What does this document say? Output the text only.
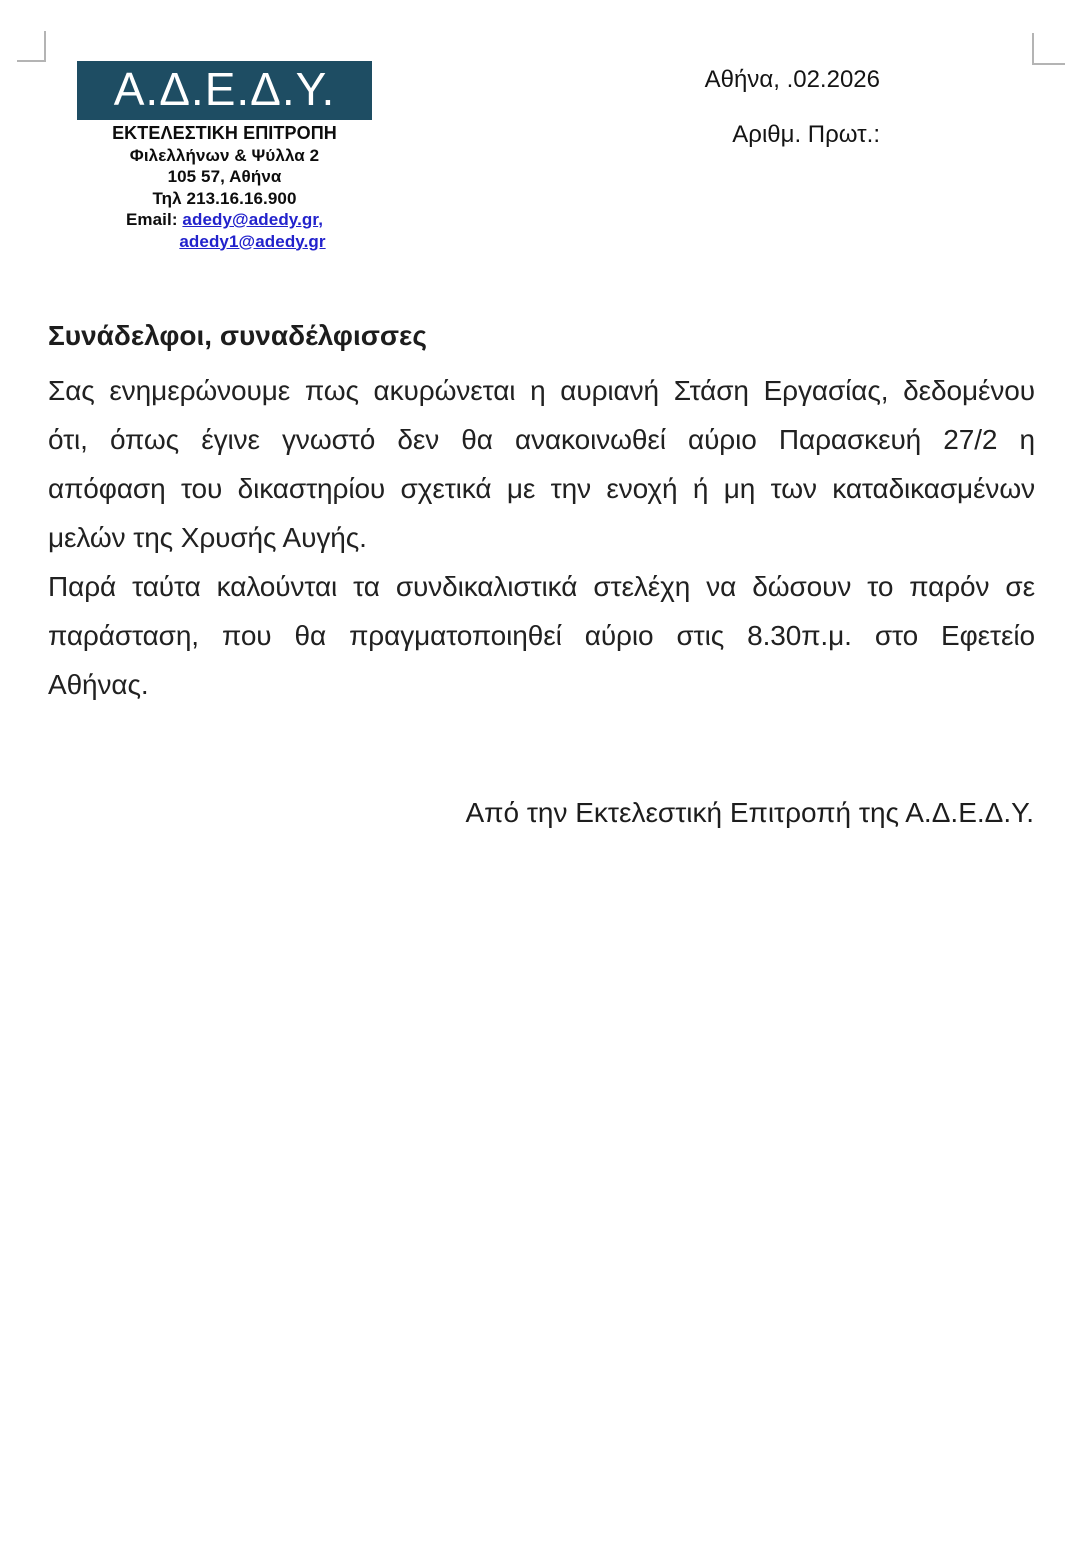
Α.Δ.Ε.Δ.Υ.
ΕΚΤΕΛΕΣΤΙΚΗ ΕΠΙΤΡΟΠΗ
Φιλελλήνων & Ψύλλα 2
105 57, Αθήνα
Τηλ 213.16.16.900
Email: adedy@adedy.gr,
adedy1@adedy.gr
Αθήνα, .02.2026
Αριθμ. Πρωτ.:
Συνάδελφοι, συναδέλφισσες
Σας ενημερώνουμε πως ακυρώνεται η αυριανή Στάση Εργασίας, δεδομένου
ότι, όπως έγινε γνωστό δεν θα ανακοινωθεί αύριο Παρασκευή 27/2 η
απόφαση του δικαστηρίου σχετικά με την ενοχή ή μη των καταδικασμένων
μελών της Χρυσής Αυγής.
Παρά ταύτα καλούνται τα συνδικαλιστικά στελέχη να δώσουν το παρόν σε
παράσταση, που θα πραγματοποιηθεί αύριο στις 8.30π.μ. στο Εφετείο
Αθήνας.
Από την Εκτελεστική Επιτροπή της Α.Δ.Ε.Δ.Υ.
